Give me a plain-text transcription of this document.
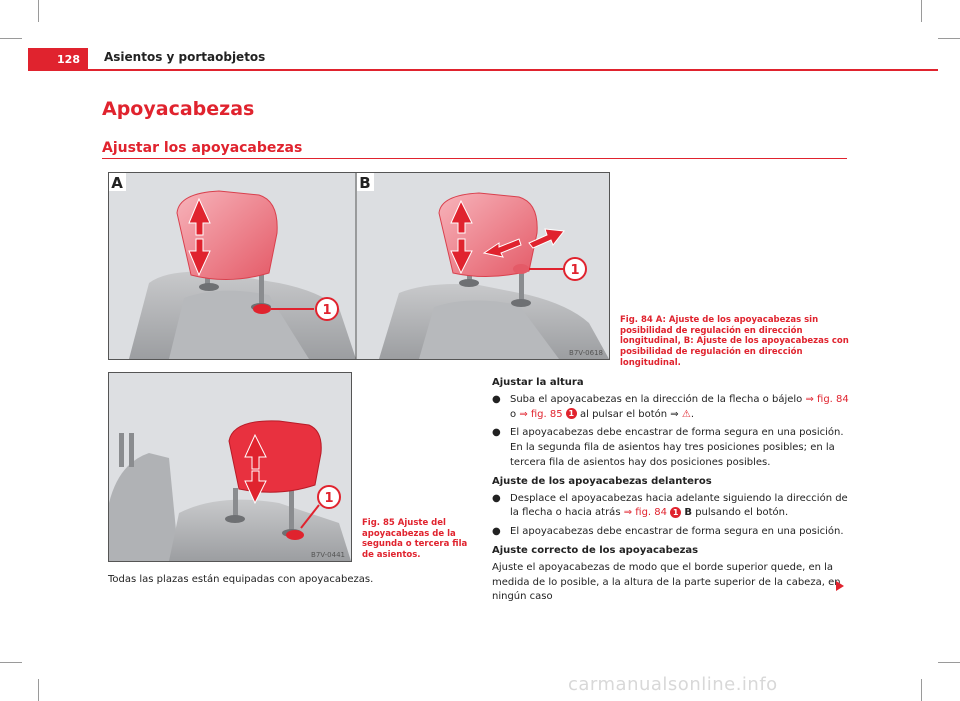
128	Asientos y portaobjetos
Apoyacabezas
Ajustar los apoyacabezas
1
A
1
B
B7V-0618
Fig. 84 A: Ajuste de los apoyacabezas sin posibilidad de regulación en dirección longitudinal, B: Ajuste de los apoyacabezas con posibilidad de regulación en dirección longitudinal.
1
B7V-0441
Fig. 85 Ajuste del apoyacabezas de la segunda o tercera fila de asientos.
Todas las plazas están equipadas con apoyacabezas.
Ajustar la altura
● Suba el apoyacabezas en la dirección de la flecha o bájelo ⇒ fig. 84 o ⇒ fig. 85 1 al pulsar el botón ⇒ ⚠.
● El apoyacabezas debe encastrar de forma segura en una posición. En la segunda fila de asientos hay tres posiciones posibles; en la tercera fila de asientos hay dos posiciones posibles.
Ajuste de los apoyacabezas delanteros
● Desplace el apoyacabezas hacia adelante siguiendo la dirección de la flecha o hacia atrás ⇒ fig. 84 1 B pulsando el botón.
● El apoyacabezas debe encastrar de forma segura en una posición.
Ajuste correcto de los apoyacabezas

Ajuste el apoyacabezas de modo que el borde superior quede, en la medida de lo posible, a la altura de la parte superior de la cabeza, en ningún caso

carmanualsonline.info
